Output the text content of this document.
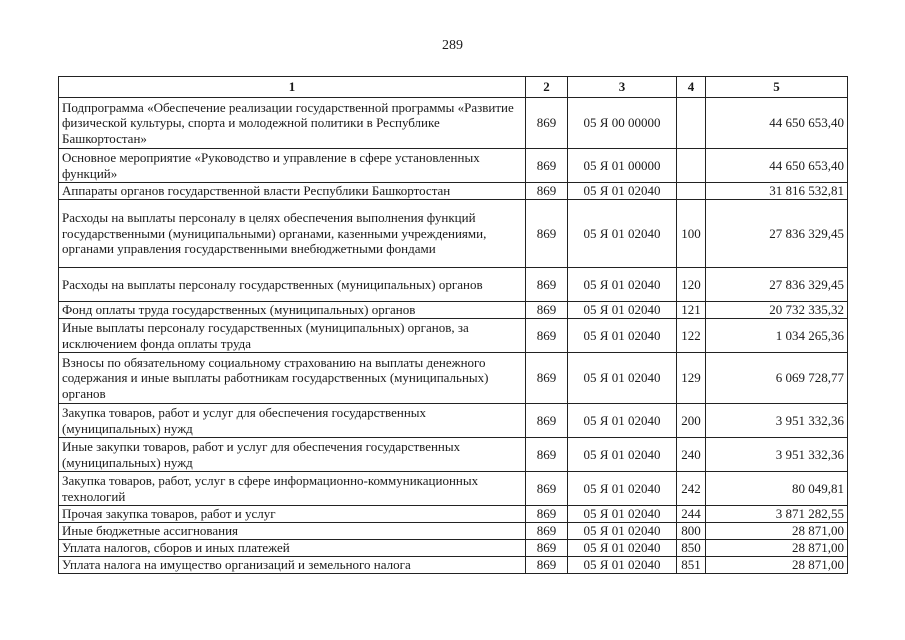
289
1	2	3	4	5
Подпрограмма «Обеспечение реализации государственной программы «Развитие физической культуры, спорта и молодежной политики в Республике Башкортостан»	869	05 Я 00 00000		44 650 653,40
Основное мероприятие «Руководство и управление в сфере установленных функций»	869	05 Я 01 00000		44 650 653,40
Аппараты органов государственной власти Республики Башкортостан	869	05 Я 01 02040		31 816 532,81
Расходы на выплаты персоналу в целях обеспечения выполнения функций государственными (муниципальными) органами, казенными учреждениями, органами управления государственными внебюджетными фондами	869	05 Я 01 02040	100	27 836 329,45
Расходы на выплаты персоналу государственных (муниципальных) органов	869	05 Я 01 02040	120	27 836 329,45
Фонд оплаты труда государственных (муниципальных) органов	869	05 Я 01 02040	121	20 732 335,32
Иные выплаты персоналу государственных (муниципальных) органов, за исключением фонда оплаты труда	869	05 Я 01 02040	122	1 034 265,36
Взносы по обязательному социальному страхованию на выплаты денежного содержания и иные выплаты работникам государственных (муниципальных) органов	869	05 Я 01 02040	129	6 069 728,77
Закупка товаров, работ и услуг для обеспечения государственных (муниципальных) нужд	869	05 Я 01 02040	200	3 951 332,36
Иные закупки товаров, работ и услуг для обеспечения государственных (муниципальных) нужд	869	05 Я 01 02040	240	3 951 332,36
Закупка товаров, работ, услуг в сфере информационно-коммуникационных технологий	869	05 Я 01 02040	242	80 049,81
Прочая закупка товаров, работ и услуг	869	05 Я 01 02040	244	3 871 282,55
Иные бюджетные ассигнования	869	05 Я 01 02040	800	28 871,00
Уплата налогов, сборов и иных платежей	869	05 Я 01 02040	850	28 871,00
Уплата налога на имущество организаций и земельного налога	869	05 Я 01 02040	851	28 871,00
